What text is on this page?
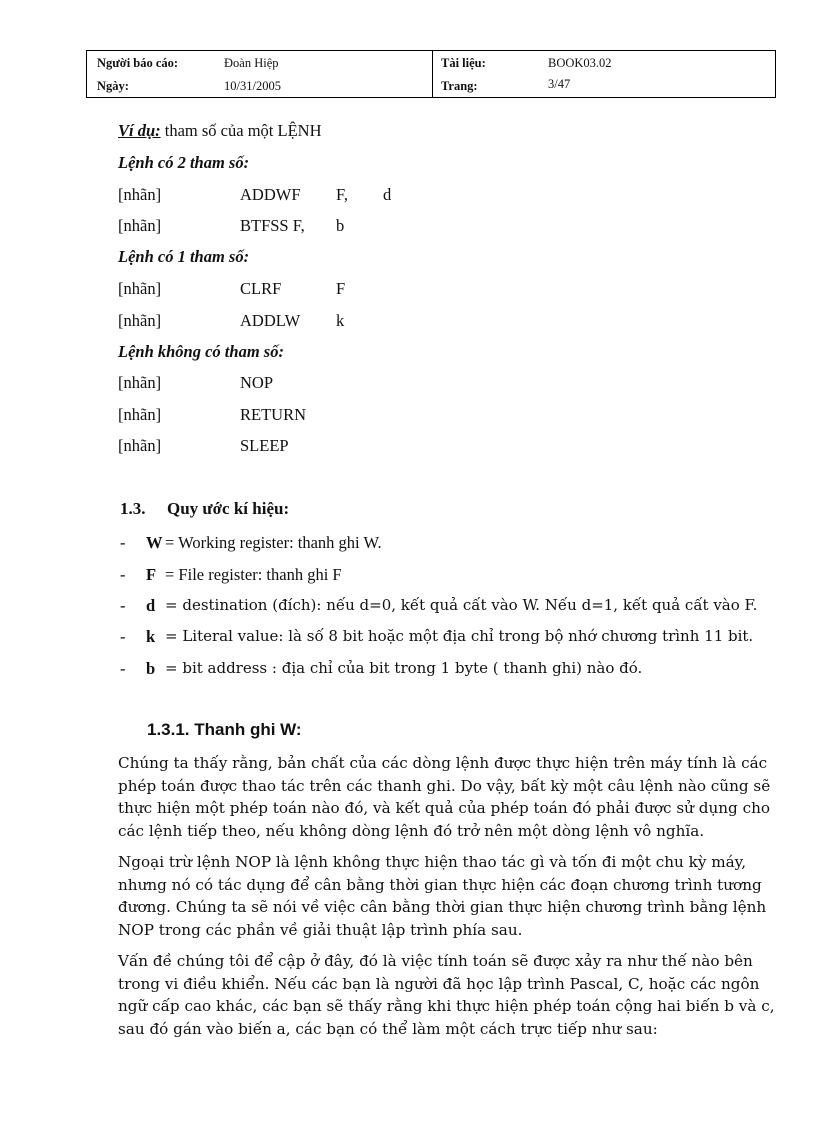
Người báo cáo:	Đoàn Hiệp
Ngày:	10/31/2005
Tài liệu:	BOOK03.02
Trang:	3/47
Ví dụ: tham số của một LỆNH
Lệnh có 2 tham số:
[nhãn]	ADDWF F, d
[nhãn]	BTFSS F, b
Lệnh có 1 tham số:
[nhãn]	CLRF	F
[nhãn]	ADDLW k
Lệnh không có tham số:
[nhãn]	NOP
[nhãn]	RETURN
[nhãn]	SLEEP
1.3. Quy ước kí hiệu:
- W = Working register: thanh ghi W.
- F = File register: thanh ghi F
- d = destination (đích): nếu d=0, kết quả cất vào W. Nếu d=1, kết quả cất vào F.
- k = Literal value: là số 8 bit hoặc một địa chỉ trong bộ nhớ chương trình 11 bit.
- b = bit address : địa chỉ của bit trong 1 byte ( thanh ghi) nào đó.
1.3.1. Thanh ghi W:

Chúng ta thấy rằng, bản chất của các dòng lệnh được thực hiện trên máy tính là các phép toán được thao tác trên các thanh ghi. Do vậy, bất kỳ một câu lệnh nào cũng sẽ thực hiện một phép toán nào đó, và kết quả của phép toán đó phải được sử dụng cho các lệnh tiếp theo, nếu không dòng lệnh đó trở nên một dòng lệnh vô nghĩa.

Ngoại trừ lệnh NOP là lệnh không thực hiện thao tác gì và tốn đi một chu kỳ máy, nhưng nó có tác dụng để cân bằng thời gian thực hiện các đoạn chương trình tương đương. Chúng ta sẽ nói về việc cân bằng thời gian thực hiện chương trình bằng lệnh NOP trong các phần về giải thuật lập trình phía sau.

Vấn đề chúng tôi để cập ở đây, đó là việc tính toán sẽ được xảy ra như thế nào bên trong vi điều khiển. Nếu các bạn là người đã học lập trình Pascal, C, hoặc các ngôn ngữ cấp cao khác, các bạn sẽ thấy rằng khi thực hiện phép toán cộng hai biến b và c, sau đó gán vào biến a, các bạn có thể làm một cách trực tiếp như sau:
